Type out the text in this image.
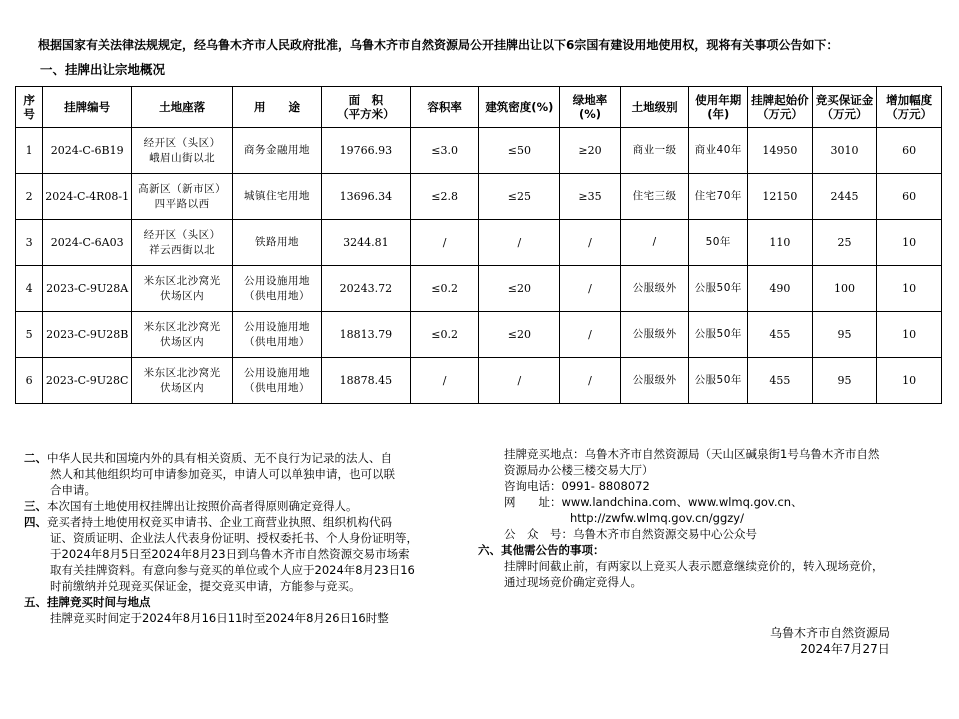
根据国家有关法律法规规定，经乌鲁木齐市人民政府批准，乌鲁木齐市自然资源局公开挂牌出让以下6宗国有建设用地使用权，现将有关事项公告如下：
一、挂牌出让宗地概况
序号	挂牌编号	土地座落	用　　途	面　积
（平方米）	容积率	建筑密度(%)	绿地率(%)	土地级别	使用年期
(年)	挂牌起始价
（万元）	竞买保证金
（万元）	增加幅度
（万元）
1	2024-C-6B19	经开区（头区）
峨眉山街以北	商务金融用地	19766.93	≤3.0	≤50	≥20	商业一级	商业40年	14950	3010	60
2	2024-C-4R08-1	高新区（新市区）
四平路以西	城镇住宅用地	13696.34	≤2.8	≤25	≥35	住宅三级	住宅70年	12150	2445	60
3	2024-C-6A03	经开区（头区）
祥云西街以北	铁路用地	3244.81	/	/	/	/	50年	110	25	10
4	2023-C-9U28A	米东区北沙窝光
伏场区内	公用设施用地
（供电用地）	20243.72	≤0.2	≤20	/	公服级外	公服50年	490	100	10
5	2023-C-9U28B	米东区北沙窝光
伏场区内	公用设施用地
（供电用地）	18813.79	≤0.2	≤20	/	公服级外	公服50年	455	95	10
6	2023-C-9U28C	米东区北沙窝光
伏场区内	公用设施用地
（供电用地）	18878.45	/	/	/	公服级外	公服50年	455	95	10

二、中华人民共和国境内外的具有相关资质、无不良行为记录的法人、自

然人和其他组织均可申请参加竞买，申请人可以单独申请，也可以联

合申请。

三、本次国有土地使用权挂牌出让按照价高者得原则确定竞得人。

四、竞买者持土地使用权竞买申请书、企业工商营业执照、组织机构代码

证、资质证明、企业法人代表身份证明、授权委托书、个人身份证明等，

于2024年8月5日至2024年8月23日到乌鲁木齐市自然资源交易市场索

取有关挂牌资料。有意向参与竞买的单位或个人应于2024年8月23日16

时前缴纳并兑现竞买保证金，提交竞买申请，方能参与竞买。

五、挂牌竞买时间与地点

挂牌竞买时间定于2024年8月16日11时至2024年8月26日16时整

挂牌竞买地点：乌鲁木齐市自然资源局（天山区碱泉街1号乌鲁木齐市自然

资源局办公楼三楼交易大厅）

咨询电话：0991- 8808072

网　　址：www.landchina.com、www.wlmq.gov.cn、

http://zwfw.wlmq.gov.cn/ggzy/

公　众　号：乌鲁木齐市自然资源交易中心公众号

六、其他需公告的事项：

挂牌时间截止前，有两家以上竞买人表示愿意继续竞价的，转入现场竞价，

通过现场竞价确定竞得人。

乌鲁木齐市自然资源局
2024年7月27日
